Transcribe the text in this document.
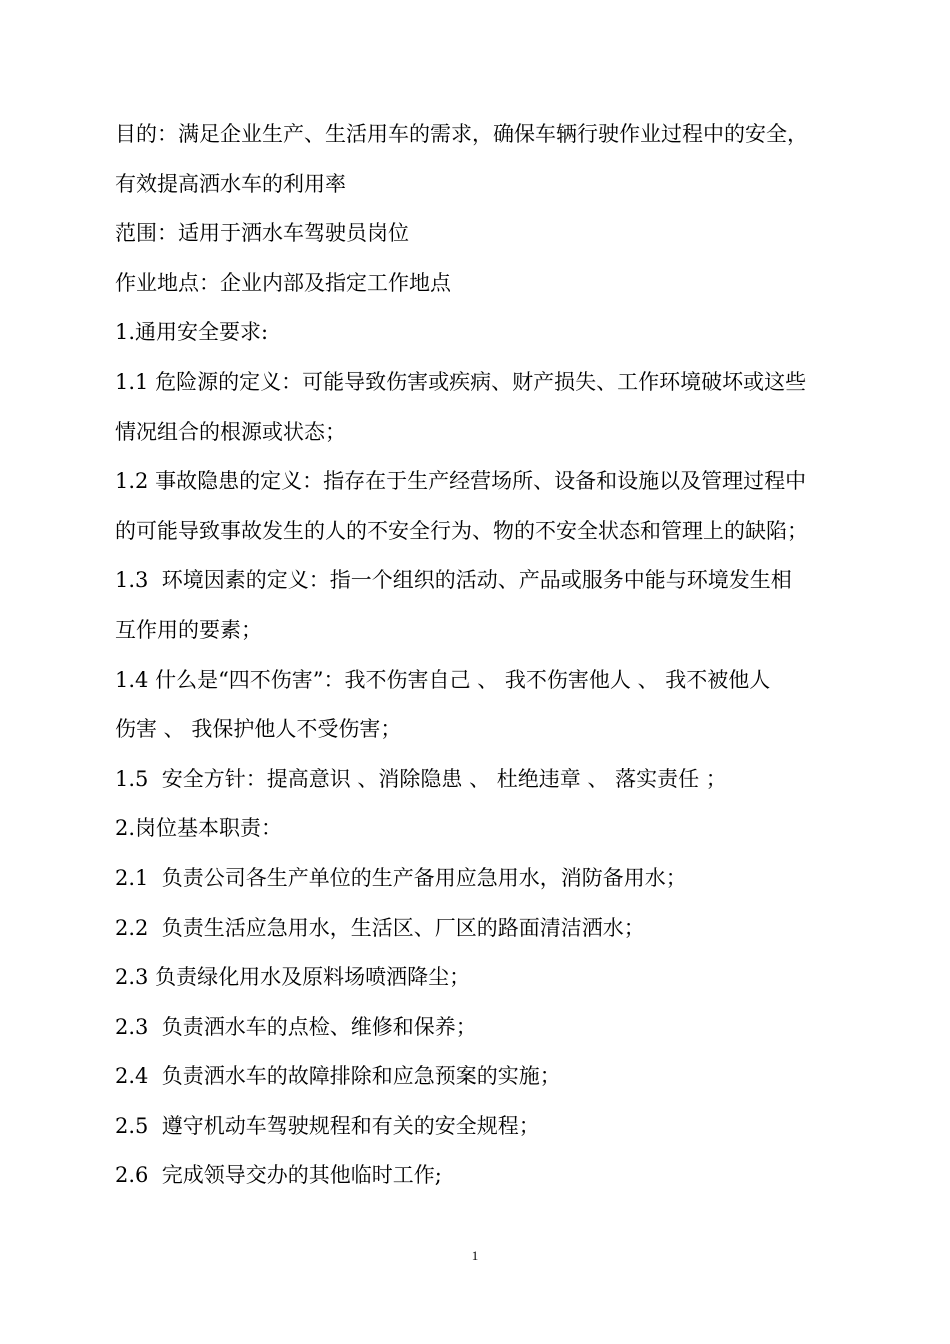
目的：满足企业生产、生活用车的需求，确保车辆行驶作业过程中的安全，
有效提高洒水车的利用率
范围：适用于洒水车驾驶员岗位
作业地点：企业内部及指定工作地点
1.通用安全要求:
1.1 危险源的定义：可能导致伤害或疾病、财产损失、工作环境破坏或这些
情况组合的根源或状态；
1.2 事故隐患的定义：指存在于生产经营场所、设备和设施以及管理过程中
的可能导致事故发生的人的不安全行为、物的不安全状态和管理上的缺陷；
1.3  环境因素的定义：指一个组织的活动、产品或服务中能与环境发生相
互作用的要素；
1.4 什么是“四不伤害”：我不伤害自己 、 我不伤害他人 、 我不被他人
伤害 、 我保护他人不受伤害；
1.5  安全方针：提高意识 、消除隐患 、 杜绝违章 、 落实责任 ；
2.岗位基本职责：
2.1  负责公司各生产单位的生产备用应急用水，消防备用水；
2.2  负责生活应急用水，生活区、厂区的路面清洁洒水；
2.3 负责绿化用水及原料场喷洒降尘；
2.3  负责洒水车的点检、维修和保养；
2.4  负责洒水车的故障排除和应急预案的实施；
2.5  遵守机动车驾驶规程和有关的安全规程；
2.6  完成领导交办的其他临时工作;
1
